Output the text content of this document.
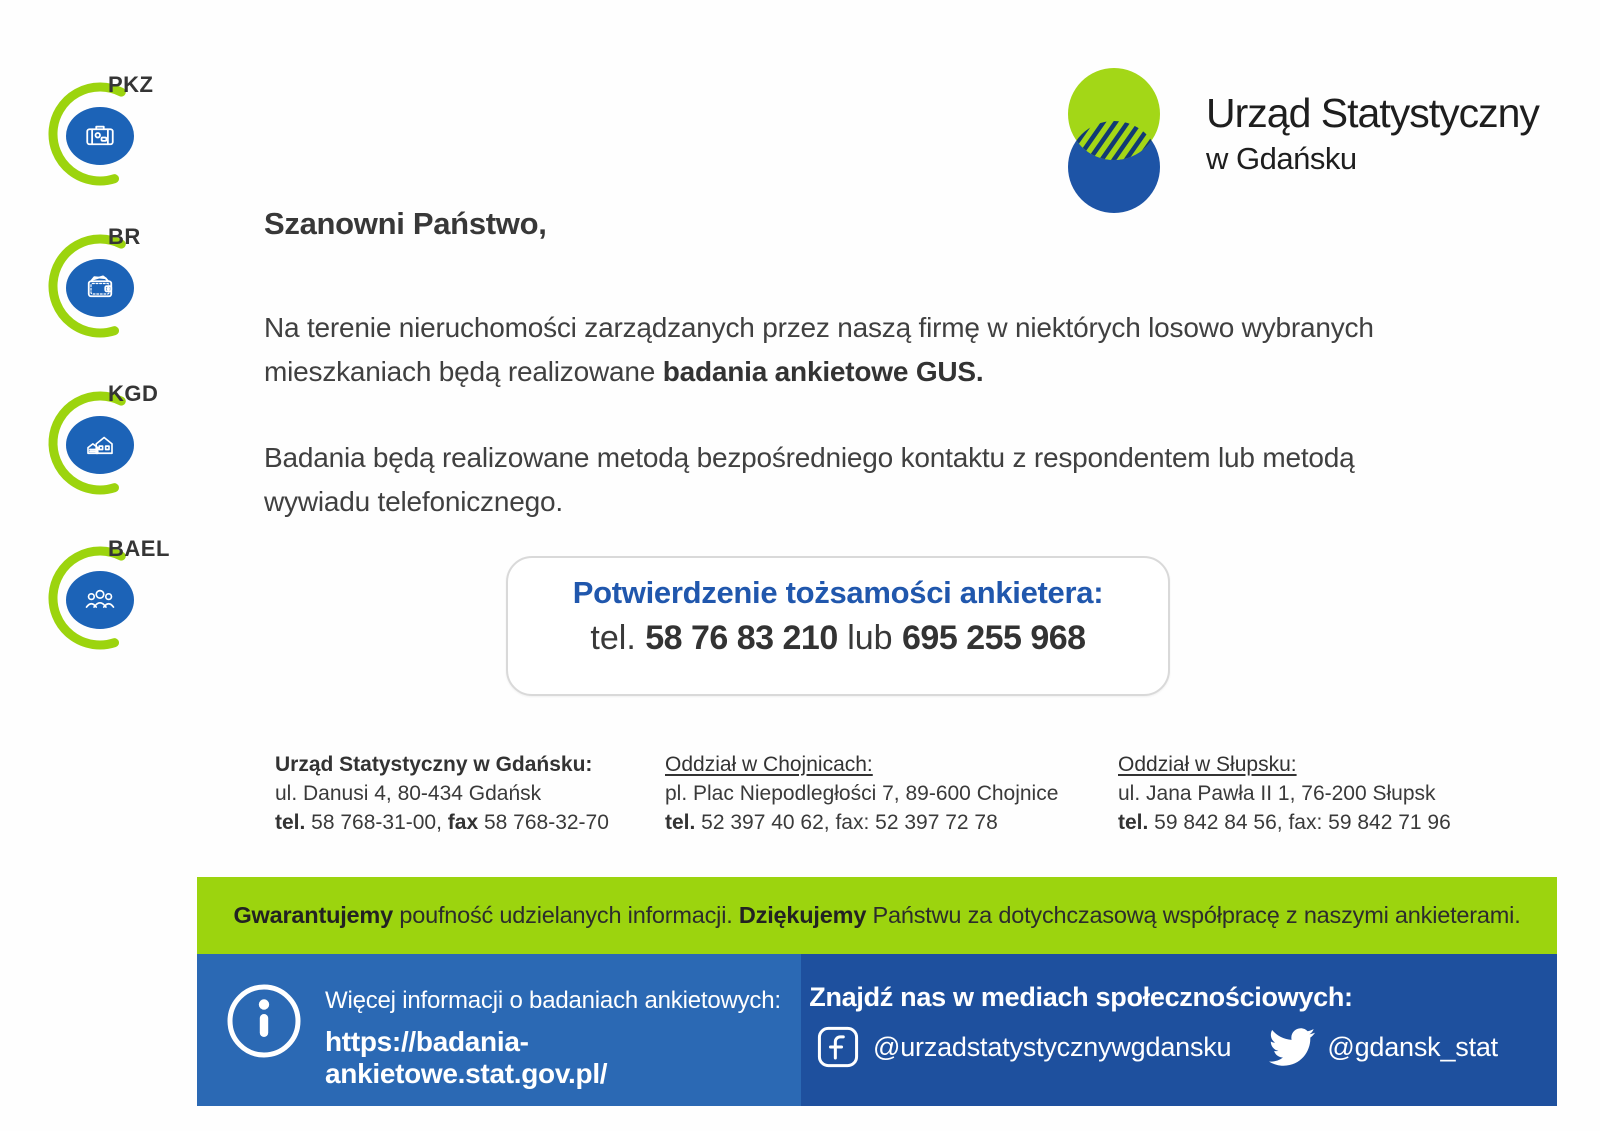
PKZ
BR
KGD
BAEL
Urząd Statystyczny
w Gdańsku
Szanowni Państwo,
Na terenie nieruchomości zarządzanych przez naszą firmę w niektórych losowo wybranych mieszkaniach będą realizowane badania ankietowe GUS.
Badania będą realizowane metodą bezpośredniego kontaktu z respondentem lub metodą wywiadu telefonicznego.
Potwierdzenie tożsamości ankietera:
tel. 58 76 83 210 lub 695 255 968
Urząd Statystyczny w Gdańsku:
ul. Danusi 4, 80-434 Gdańsk
tel. 58 768-31-00, fax 58 768-32-70
Oddział w Chojnicach:
pl. Plac Niepodległości 7, 89-600 Chojnice
tel. 52 397 40 62, fax: 52 397 72 78
Oddział w Słupsku:
ul. Jana Pawła II 1, 76-200 Słupsk
tel. 59 842 84 56, fax: 59 842 71 96
Gwarantujemy poufność udzielanych informacji. Dziękujemy Państwu za dotychczasową współpracę z naszymi ankieterami.
Więcej informacji o badaniach ankietowych:
https://badania-ankietowe.stat.gov.pl/
Znajdź nas w mediach społecznościowych:
@urzadstatystycznywgdansku	@gdansk_stat
